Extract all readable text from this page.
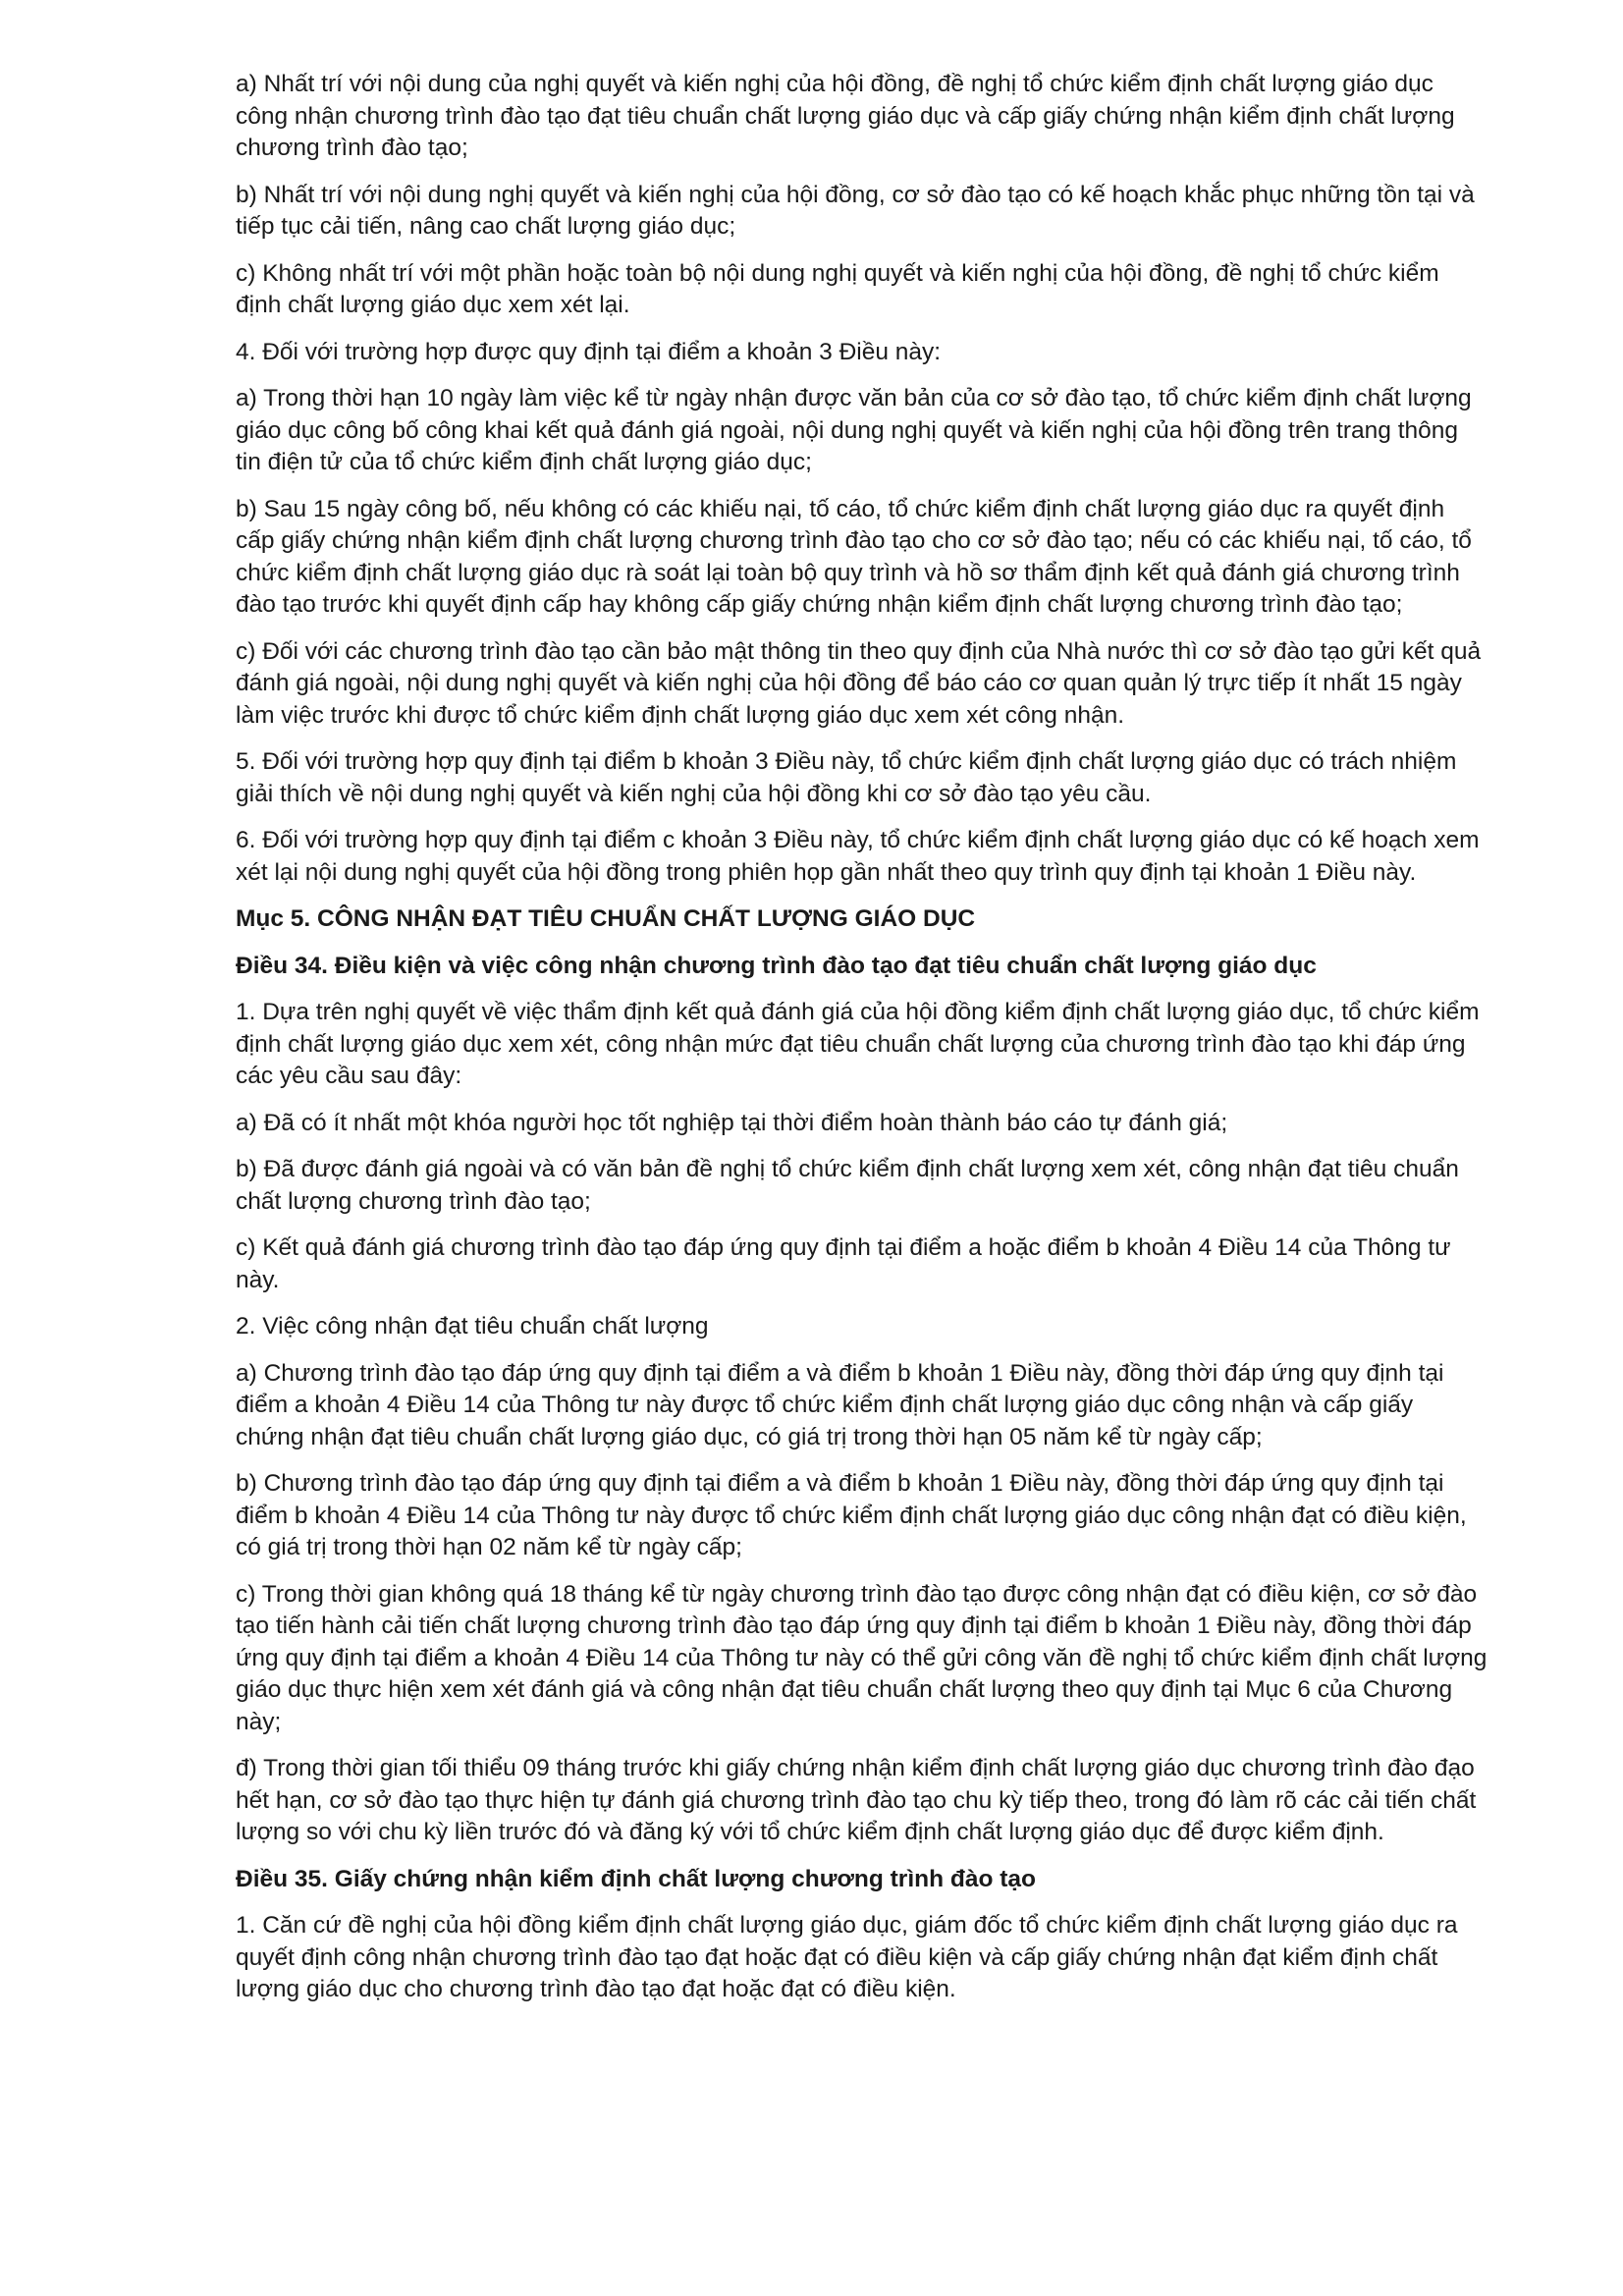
a) Nhất trí với nội dung của nghị quyết và kiến nghị của hội đồng, đề nghị tổ chức kiểm định chất lượng giáo dục công nhận chương trình đào tạo đạt tiêu chuẩn chất lượng giáo dục và cấp giấy chứng nhận kiểm định chất lượng chương trình đào tạo;

b) Nhất trí với nội dung nghị quyết và kiến nghị của hội đồng, cơ sở đào tạo có kế hoạch khắc phục những tồn tại và tiếp tục cải tiến, nâng cao chất lượng giáo dục;

c) Không nhất trí với một phần hoặc toàn bộ nội dung nghị quyết và kiến nghị của hội đồng, đề nghị tổ chức kiểm định chất lượng giáo dục xem xét lại.

4. Đối với trường hợp được quy định tại điểm a khoản 3 Điều này:

a) Trong thời hạn 10 ngày làm việc kể từ ngày nhận được văn bản của cơ sở đào tạo, tổ chức kiểm định chất lượng giáo dục công bố công khai kết quả đánh giá ngoài, nội dung nghị quyết và kiến nghị của hội đồng trên trang thông tin điện tử của tổ chức kiểm định chất lượng giáo dục;

b) Sau 15 ngày công bố, nếu không có các khiếu nại, tố cáo, tổ chức kiểm định chất lượng giáo dục ra quyết định cấp giấy chứng nhận kiểm định chất lượng chương trình đào tạo cho cơ sở đào tạo; nếu có các khiếu nại, tố cáo, tổ chức kiểm định chất lượng giáo dục rà soát lại toàn bộ quy trình và hồ sơ thẩm định kết quả đánh giá chương trình đào tạo trước khi quyết định cấp hay không cấp giấy chứng nhận kiểm định chất lượng chương trình đào tạo;

c) Đối với các chương trình đào tạo cần bảo mật thông tin theo quy định của Nhà nước thì cơ sở đào tạo gửi kết quả đánh giá ngoài, nội dung nghị quyết và kiến nghị của hội đồng để báo cáo cơ quan quản lý trực tiếp ít nhất 15 ngày làm việc trước khi được tổ chức kiểm định chất lượng giáo dục xem xét công nhận.

5. Đối với trường hợp quy định tại điểm b khoản 3 Điều này, tổ chức kiểm định chất lượng giáo dục có trách nhiệm giải thích về nội dung nghị quyết và kiến nghị của hội đồng khi cơ sở đào tạo yêu cầu.

6. Đối với trường hợp quy định tại điểm c khoản 3 Điều này, tổ chức kiểm định chất lượng giáo dục có kế hoạch xem xét lại nội dung nghị quyết của hội đồng trong phiên họp gần nhất theo quy trình quy định tại khoản 1 Điều này.

Mục 5. CÔNG NHẬN ĐẠT TIÊU CHUẨN CHẤT LƯỢNG GIÁO DỤC

Điều 34. Điều kiện và việc công nhận chương trình đào tạo đạt tiêu chuẩn chất lượng giáo dục

1. Dựa trên nghị quyết về việc thẩm định kết quả đánh giá của hội đồng kiểm định chất lượng giáo dục, tổ chức kiểm định chất lượng giáo dục xem xét, công nhận mức đạt tiêu chuẩn chất lượng của chương trình đào tạo khi đáp ứng các yêu cầu sau đây:

a) Đã có ít nhất một khóa người học tốt nghiệp tại thời điểm hoàn thành báo cáo tự đánh giá;

b) Đã được đánh giá ngoài và có văn bản đề nghị tổ chức kiểm định chất lượng xem xét, công nhận đạt tiêu chuẩn chất lượng chương trình đào tạo;

c) Kết quả đánh giá chương trình đào tạo đáp ứng quy định tại điểm a hoặc điểm b khoản 4 Điều 14 của Thông tư này.

2. Việc công nhận đạt tiêu chuẩn chất lượng

a) Chương trình đào tạo đáp ứng quy định tại điểm a và điểm b khoản 1 Điều này, đồng thời đáp ứng quy định tại điểm a khoản 4 Điều 14 của Thông tư này được tổ chức kiểm định chất lượng giáo dục công nhận và cấp giấy chứng nhận đạt tiêu chuẩn chất lượng giáo dục, có giá trị trong thời hạn 05 năm kể từ ngày cấp;

b) Chương trình đào tạo đáp ứng quy định tại điểm a và điểm b khoản 1 Điều này, đồng thời đáp ứng quy định tại điểm b khoản 4 Điều 14 của Thông tư này được tổ chức kiểm định chất lượng giáo dục công nhận đạt có điều kiện, có giá trị trong thời hạn 02 năm kể từ ngày cấp;

c) Trong thời gian không quá 18 tháng kể từ ngày chương trình đào tạo được công nhận đạt có điều kiện, cơ sở đào tạo tiến hành cải tiến chất lượng chương trình đào tạo đáp ứng quy định tại điểm b khoản 1 Điều này, đồng thời đáp ứng quy định tại điểm a khoản 4 Điều 14 của Thông tư này có thể gửi công văn đề nghị tổ chức kiểm định chất lượng giáo dục thực hiện xem xét đánh giá và công nhận đạt tiêu chuẩn chất lượng theo quy định tại Mục 6 của Chương này;

đ) Trong thời gian tối thiểu 09 tháng trước khi giấy chứng nhận kiểm định chất lượng giáo dục chương trình đào đạo hết hạn, cơ sở đào tạo thực hiện tự đánh giá chương trình đào tạo chu kỳ tiếp theo, trong đó làm rõ các cải tiến chất lượng so với chu kỳ liền trước đó và đăng ký với tổ chức kiểm định chất lượng giáo dục để được kiểm định.

Điều 35. Giấy chứng nhận kiểm định chất lượng chương trình đào tạo

1. Căn cứ đề nghị của hội đồng kiểm định chất lượng giáo dục, giám đốc tổ chức kiểm định chất lượng giáo dục ra quyết định công nhận chương trình đào tạo đạt hoặc đạt có điều kiện và cấp giấy chứng nhận đạt kiểm định chất lượng giáo dục cho chương trình đào tạo đạt hoặc đạt có điều kiện.
